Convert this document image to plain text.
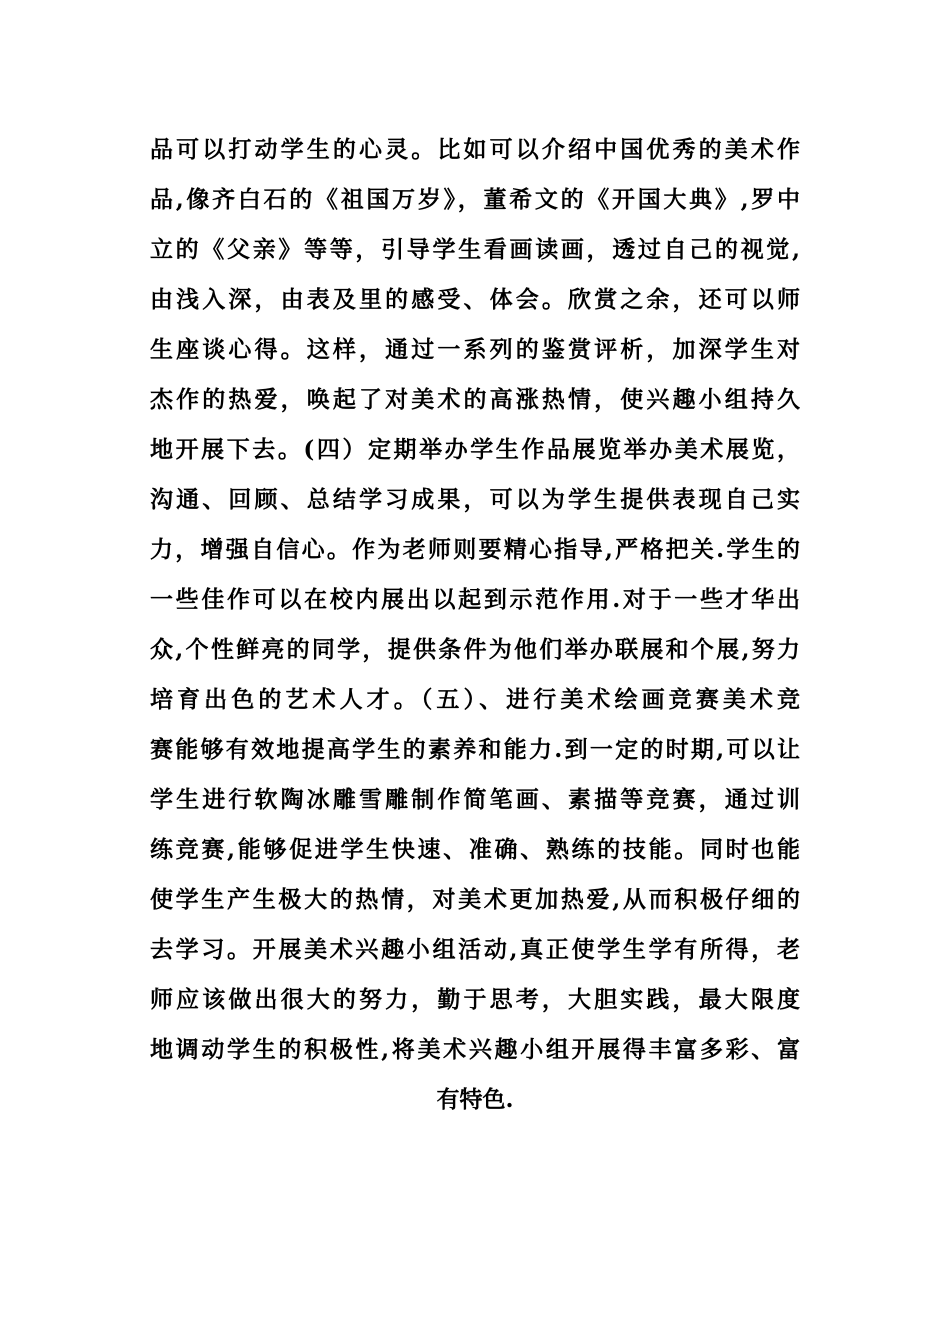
品可以打动学生的心灵。比如可以介绍中国优秀的美术作
品,像齐白石的《祖国万岁》，董希文的《开国大典》,罗中
立的《父亲》等等，引导学生看画读画，透过自己的视觉,
由浅入深，由表及里的感受、体会。欣赏之余，还可以师
生座谈心得。这样，通过一系列的鉴赏评析，加深学生对
杰作的热爱，唤起了对美术的高涨热情，使兴趣小组持久
地开展下去。(四）定期举办学生作品展览举办美术展览，
沟通、回顾、总结学习成果，可以为学生提供表现自己实
力，增强自信心。作为老师则要精心指导,严格把关.学生的
一些佳作可以在校内展出以起到示范作用.对于一些才华出
众,个性鲜亮的同学，提供条件为他们举办联展和个展,努力
培育出色的艺术人才。（五）、进行美术绘画竞赛美术竞
赛能够有效地提高学生的素养和能力.到一定的时期,可以让
学生进行软陶冰雕雪雕制作简笔画、素描等竞赛，通过训
练竞赛,能够促进学生快速、准确、熟练的技能。同时也能
使学生产生极大的热情，对美术更加热爱,从而积极仔细的
去学习。开展美术兴趣小组活动,真正使学生学有所得，老
师应该做出很大的努力，勤于思考，大胆实践，最大限度
地调动学生的积极性,将美术兴趣小组开展得丰富多彩、富
有特色.
